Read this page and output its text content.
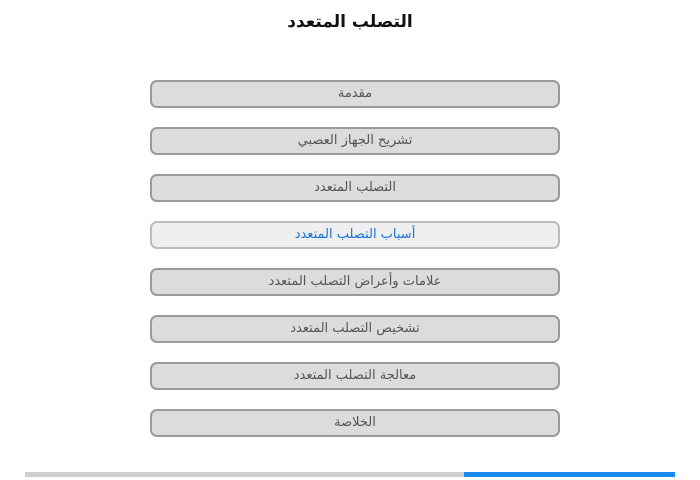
التصلب المتعدد
مقدمة
تشريح الجهاز العصبي
التصلب المتعدد
أسباب التصلب المتعدد
علامات وأعراض التصلب المتعدد
تشخيص التصلب المتعدد
معالجة التصلب المتعدد
الخلاصة
